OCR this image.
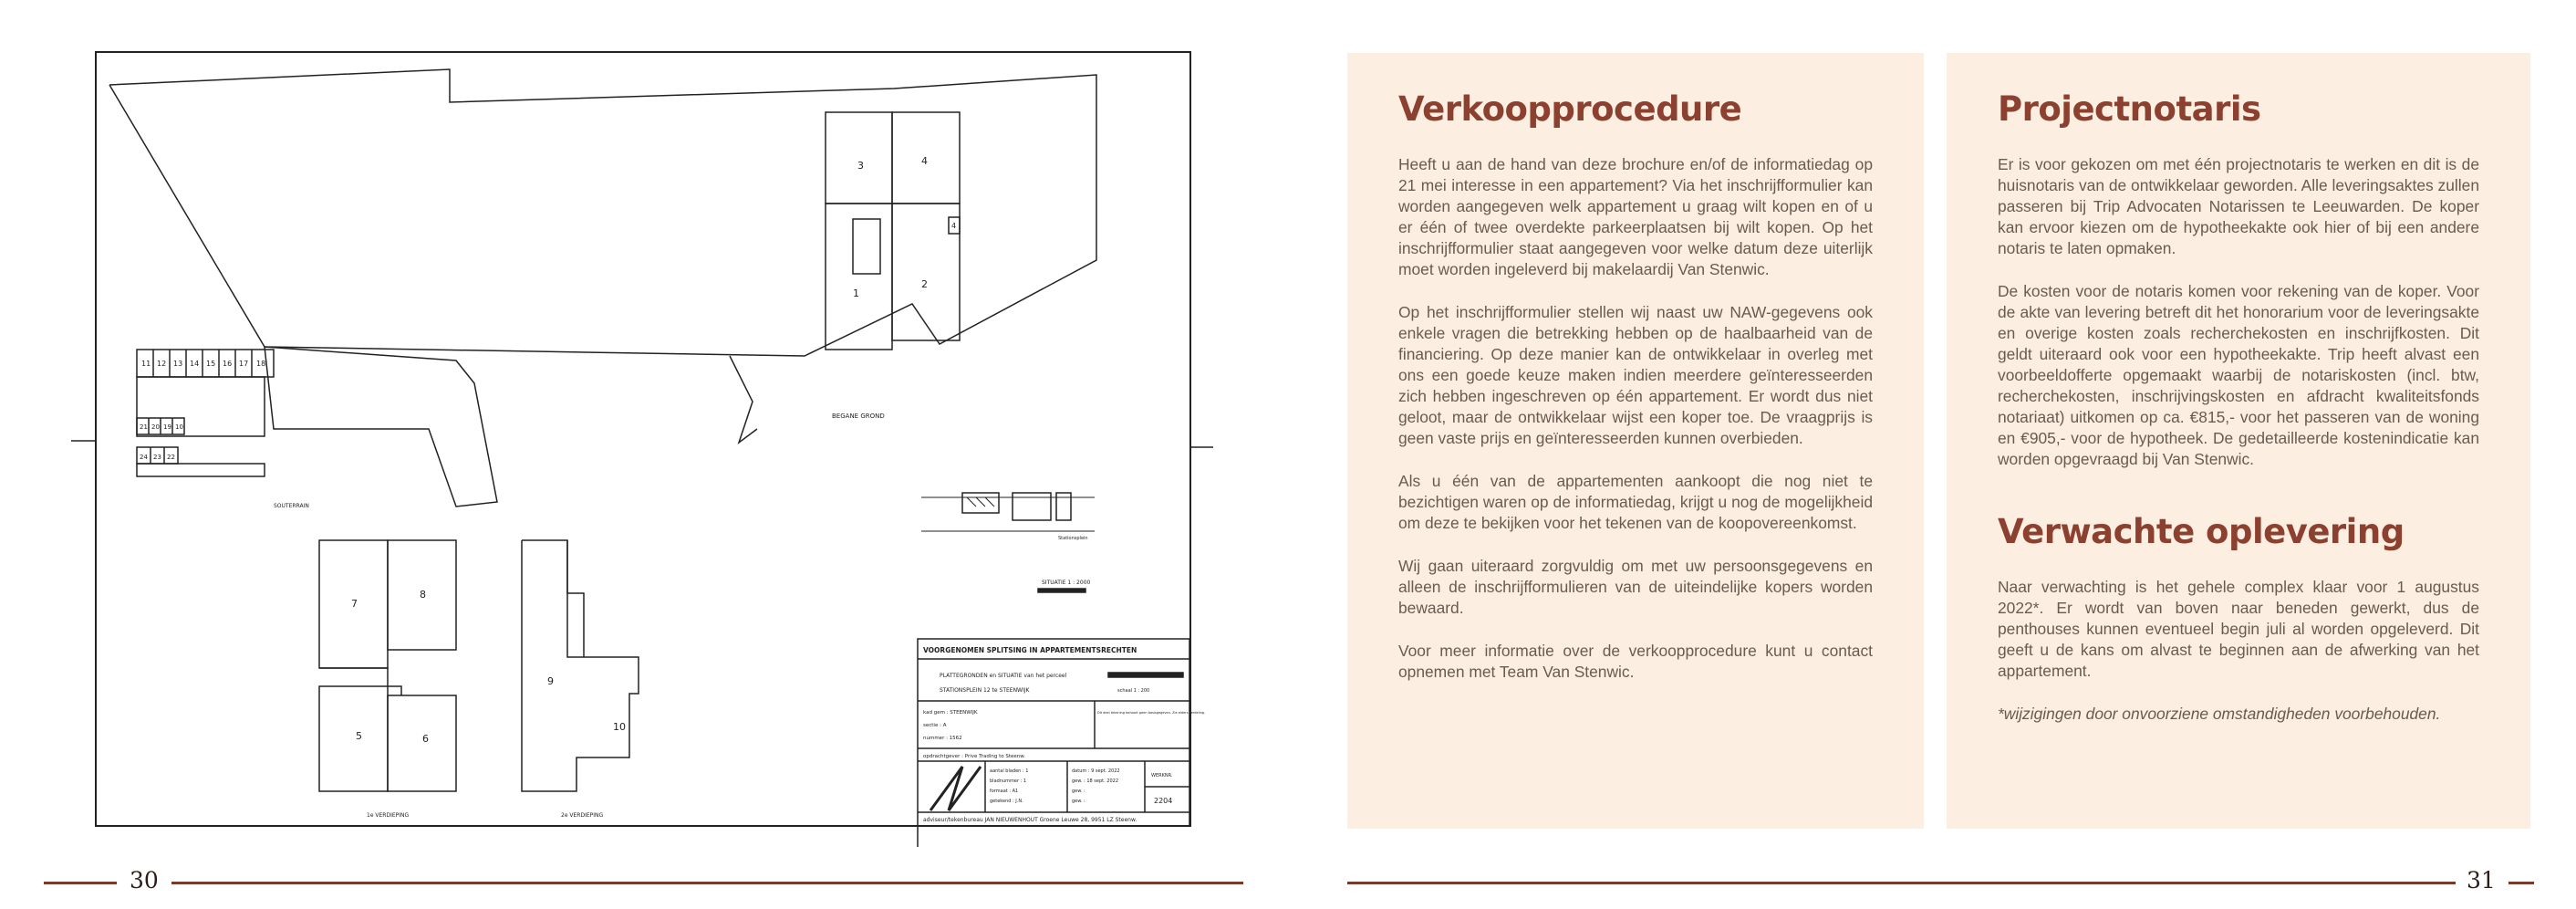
3	4
1
2
4
BEGANE GROND
11 12 13 14 15 16 17 18
21 20 19 10
24 23 22
SOUTERRAIN
7
8
5	6
1e VERDIEPING
9
10
2e VERDIEPING
Stationsplein
SITUATIE 1 : 2000
VOORGENOMEN SPLITSING IN APPARTEMENTSRECHTEN
PLATTEGRONDEN en SITUATIE van het perceel
STATIONSPLEIN 12 te STEENWIJK	schaal 1 : 200
kad gem : STEENWIJK
sectie : A
nummer : 1562
Dit deel tekening behoort geen basisgegeven. Zie elders verdeling.
opdrachtgever : Prive Trading to Steenw.
aantal bladen : 1
bladnummer : 1
formaat : A1
getekend : J.N.
datum : 9 sept. 2022
gew. : 18 sept. 2022
gew. :
gew. :
WERKNR.
2204
adviseur/tekenbureau JAN NIEUWENHOUT Groene Leuwe 28, 9951 LZ Steenw.
30
Verkoopprocedure

Heeft u aan de hand van deze brochure en/of de informatiedag op 21 mei interesse in een appartement? Via het inschrijfformulier kan worden aangegeven welk appartement u graag wilt kopen en of u er één of twee overdekte parkeerplaatsen bij wilt kopen. Op het inschrijfformulier staat aangegeven voor welke datum deze uiterlijk moet worden ingeleverd bij makelaardij Van Stenwic.

Op het inschrijfformulier stellen wij naast uw NAW-gegevens ook enkele vragen die betrekking hebben op de haalbaarheid van de financiering. Op deze manier kan de ontwikkelaar in overleg met ons een goede keuze maken indien meerdere geïnteresseerden zich hebben ingeschreven op één appartement. Er wordt dus niet geloot, maar de ontwikkelaar wijst een koper toe. De vraagprijs is geen vaste prijs en geïnteresseerden kunnen overbieden.

Als u één van de appartementen aankoopt die nog niet te bezichtigen waren op de informatiedag, krijgt u nog de mogelijkheid om deze te bekijken voor het tekenen van de koopovereenkomst.

Wij gaan uiteraard zorgvuldig om met uw persoonsgegevens en alleen de inschrijfformulieren van de uiteindelijke kopers worden bewaard.

Voor meer informatie over de verkoopprocedure kunt u contact opnemen met Team Van Stenwic.

Projectnotaris

Er is voor gekozen om met één projectnotaris te werken en dit is de huisnotaris van de ontwikkelaar geworden. Alle leveringsaktes zullen passeren bij Trip Advocaten Notarissen te Leeuwarden. De koper kan ervoor kiezen om de hypotheekakte ook hier of bij een andere notaris te laten opmaken.

De kosten voor de notaris komen voor rekening van de koper. Voor de akte van levering betreft dit het honorarium voor de leveringsakte en overige kosten zoals recherchekosten en inschrijfkosten. Dit geldt uiteraard ook voor een hypotheekakte. Trip heeft alvast een voorbeeldofferte opgemaakt waarbij de notariskosten (incl. btw, recherchekosten, inschrijvingskosten en afdracht kwaliteitsfonds notariaat) uitkomen op ca. €815,- voor het passeren van de woning en €905,- voor de hypotheek. De gedetailleerde kostenindicatie kan worden opgevraagd bij Van Stenwic.

Verwachte oplevering

Naar verwachting is het gehele complex klaar voor 1 augustus 2022*. Er wordt van boven naar beneden gewerkt, dus de penthouses kunnen eventueel begin juli al worden opgeleverd. Dit geeft u de kans om alvast te beginnen aan de afwerking van het appartement.

*wijzigingen door onvoorziene omstandigheden voorbehouden.

31
